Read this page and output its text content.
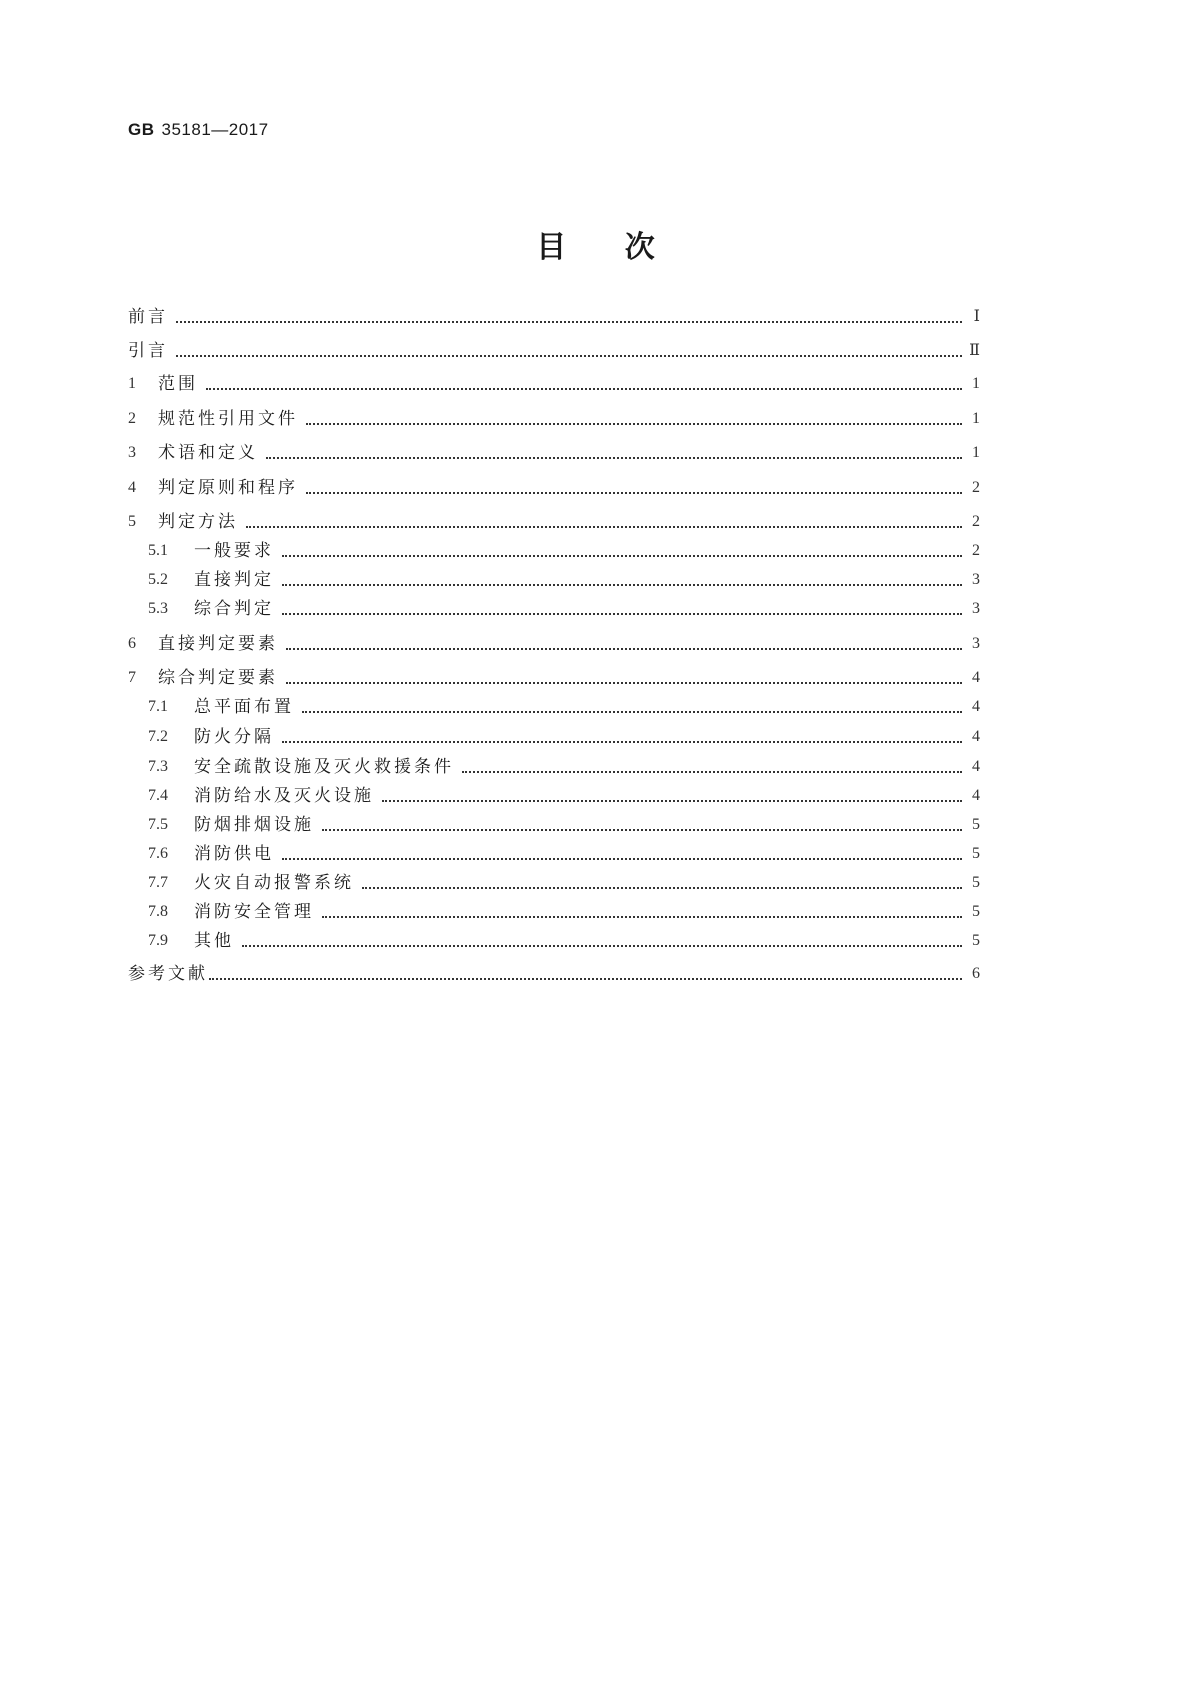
GB 35181—2017
目 次
前言	Ⅰ
引言	Ⅱ
1	范围	1
2	规范性引用文件	1
3	术语和定义	1
4	判定原则和程序	2
5	判定方法	2
5.1	一般要求	2
5.2	直接判定	3
5.3	综合判定	3
6	直接判定要素	3
7	综合判定要素	4
7.1	总平面布置	4
7.2	防火分隔	4
7.3	安全疏散设施及灭火救援条件	4
7.4	消防给水及灭火设施	4
7.5	防烟排烟设施	5
7.6	消防供电	5
7.7	火灾自动报警系统	5
7.8	消防安全管理	5
7.9	其他	5
参考文献	6
